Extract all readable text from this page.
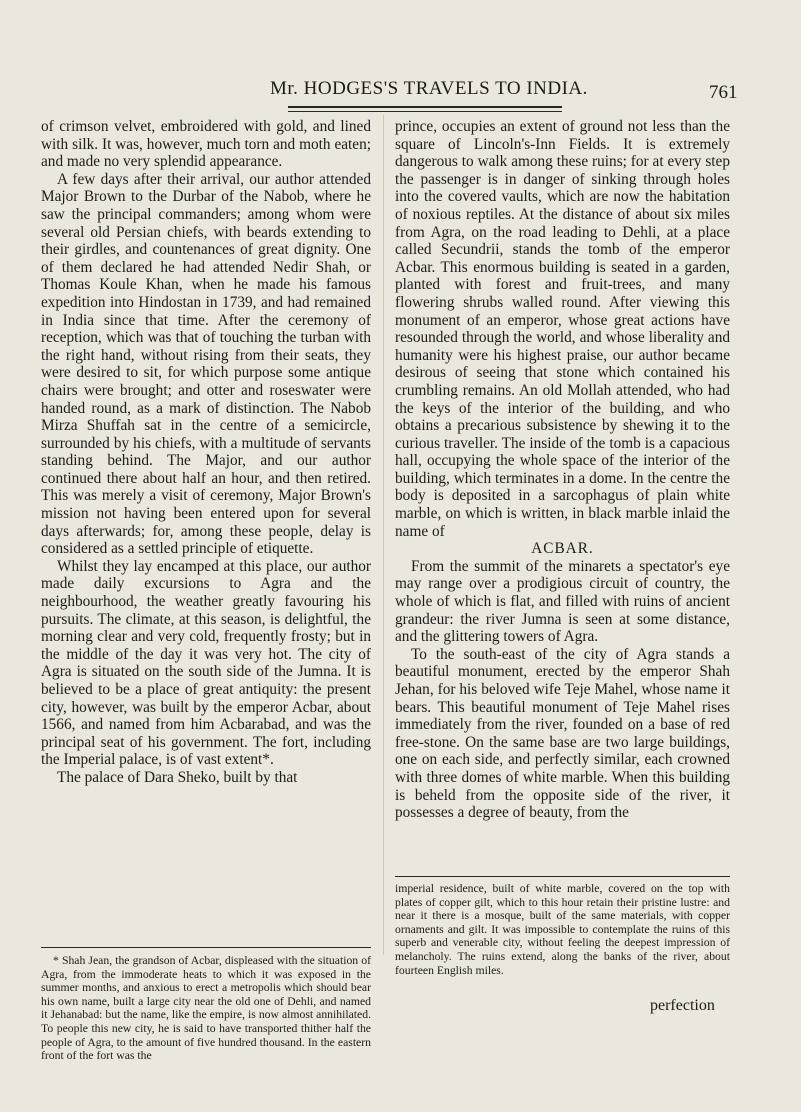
Mr. HODGES'S TRAVELS TO INDIA.	761

of crimson velvet, embroidered with gold, and lined with silk. It was, however, much torn and moth eaten; and made no very splendid appearance.

A few days after their arrival, our author attended Major Brown to the Durbar of the Nabob, where he saw the principal commanders; among whom were several old Persian chiefs, with beards extending to their girdles, and countenances of great dignity. One of them declared he had attended Nedir Shah, or Thomas Koule Khan, when he made his famous expedition into Hindostan in 1739, and had remained in India since that time. After the ceremony of reception, which was that of touching the turban with the right hand, without rising from their seats, they were desired to sit, for which purpose some antique chairs were brought; and otter and roseswater were handed round, as a mark of distinction. The Nabob Mirza Shuffah sat in the centre of a semicircle, surrounded by his chiefs, with a multitude of servants standing behind. The Major, and our author continued there about half an hour, and then retired. This was merely a visit of ceremony, Major Brown's mission not having been entered upon for several days afterwards; for, among these people, delay is considered as a settled principle of etiquette.

Whilst they lay encamped at this place, our author made daily excursions to Agra and the neighbourhood, the weather greatly favouring his pursuits. The climate, at this season, is delightful, the morning clear and very cold, frequently frosty; but in the middle of the day it was very hot. The city of Agra is situated on the south side of the Jumna. It is believed to be a place of great antiquity: the present city, however, was built by the emperor Acbar, about 1566, and named from him Acbarabad, and was the principal seat of his government. The fort, including the Imperial palace, is of vast extent*.

The palace of Dara Sheko, built by that

prince, occupies an extent of ground not less than the square of Lincoln's-Inn Fields. It is extremely dangerous to walk among these ruins; for at every step the passenger is in danger of sinking through holes into the covered vaults, which are now the habitation of noxious reptiles. At the distance of about six miles from Agra, on the road leading to Dehli, at a place called Secundrii, stands the tomb of the emperor Acbar. This enormous building is seated in a garden, planted with forest and fruit-trees, and many flowering shrubs walled round. After viewing this monument of an emperor, whose great actions have resounded through the world, and whose liberality and humanity were his highest praise, our author became desirous of seeing that stone which contained his crumbling remains. An old Mollah attended, who had the keys of the interior of the building, and who obtains a precarious subsistence by shewing it to the curious traveller. The inside of the tomb is a capacious hall, occupying the whole space of the interior of the building, which terminates in a dome. In the centre the body is deposited in a sarcophagus of plain white marble, on which is written, in black marble inlaid the name of

ACBAR.

From the summit of the minarets a spectator's eye may range over a prodigious circuit of country, the whole of which is flat, and filled with ruins of ancient grandeur: the river Jumna is seen at some distance, and the glittering towers of Agra.

To the south-east of the city of Agra stands a beautiful monument, erected by the emperor Shah Jehan, for his beloved wife Teje Mahel, whose name it bears. This beautiful monument of Teje Mahel rises immediately from the river, founded on a base of red free-stone. On the same base are two large buildings, one on each side, and perfectly similar, each crowned with three domes of white marble. When this building is beheld from the opposite side of the river, it possesses a degree of beauty, from the

* Shah Jean, the grandson of Acbar, displeased with the situation of Agra, from the immoderate heats to which it was exposed in the summer months, and anxious to erect a metropolis which should bear his own name, built a large city near the old one of Dehli, and named it Jehanabad: but the name, like the empire, is now almost annihilated. To people this new city, he is said to have transported thither half the people of Agra, to the amount of five hundred thousand. In the eastern front of the fort was the

imperial residence, built of white marble, covered on the top with plates of copper gilt, which to this hour retain their pristine lustre: and near it there is a mosque, built of the same materials, with copper ornaments and gilt. It was impossible to contemplate the ruins of this superb and venerable city, without feeling the deepest impression of melancholy. The ruins extend, along the banks of the river, about fourteen English miles.

perfection
